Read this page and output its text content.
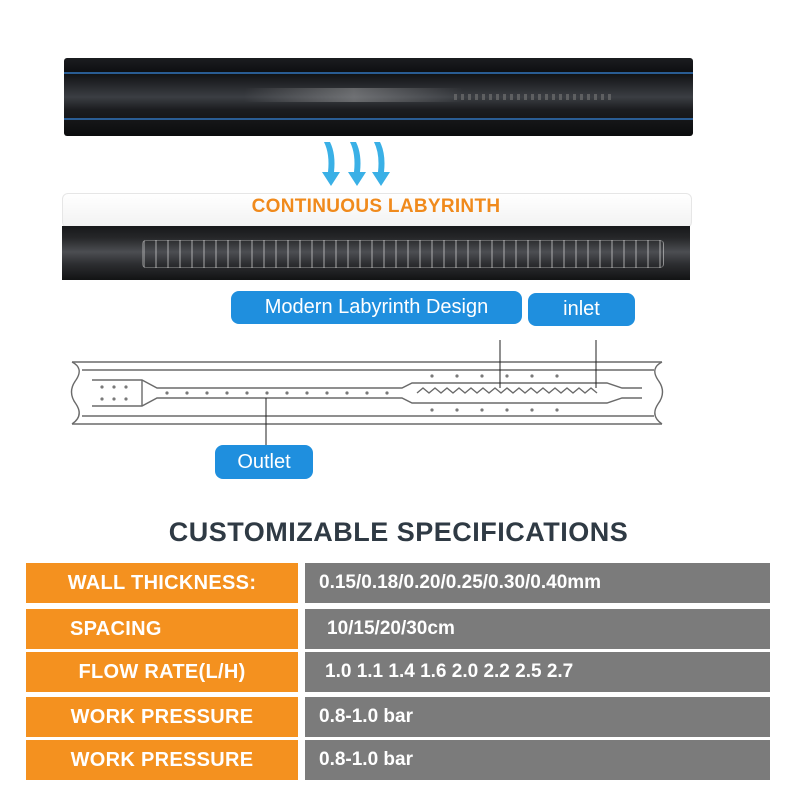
CONTINUOUS LABYRINTH
Modern Labyrinth Design	inlet
Outlet
CUSTOMIZABLE SPECIFICATIONS
WALL THICKNESS:	0.15/0.18/0.20/0.25/0.30/0.40mm
SPACING	10/15/20/30cm
FLOW RATE(L/H)	1.0 1.1 1.4 1.6 2.0 2.2 2.5 2.7
WORK PRESSURE	0.8-1.0 bar
WORK PRESSURE	0.8-1.0 bar
